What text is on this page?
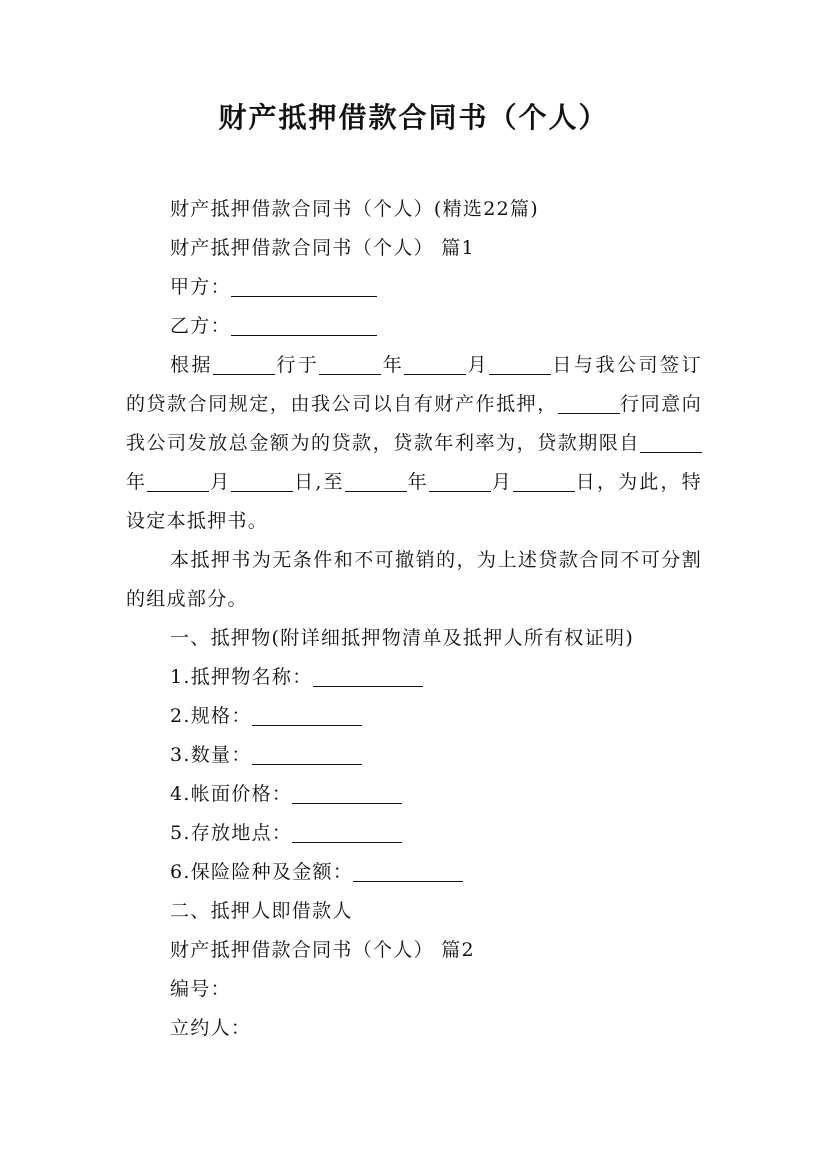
财产抵押借款合同书（个人）

财产抵押借款合同书（个人）(精选22篇)

财产抵押借款合同书（个人） 篇1

甲方：

乙方：

根据	行于	年	月	日与我公司签订的贷款合同规定，由我公司以自有财产作抵押，	行同意向我公司发放总金额为的贷款，贷款年利率为，贷款期限自年	月	日,至	年	月	日，为此，特设定本抵押书。

本抵押书为无条件和不可撤销的，为上述贷款合同不可分割的组成部分。

一、抵押物(附详细抵押物清单及抵押人所有权证明)

1.抵押物名称：

2.规格：

3.数量：

4.帐面价格：

5.存放地点：

6.保险险种及金额：

二、抵押人即借款人

财产抵押借款合同书（个人） 篇2

编号：

立约人：
